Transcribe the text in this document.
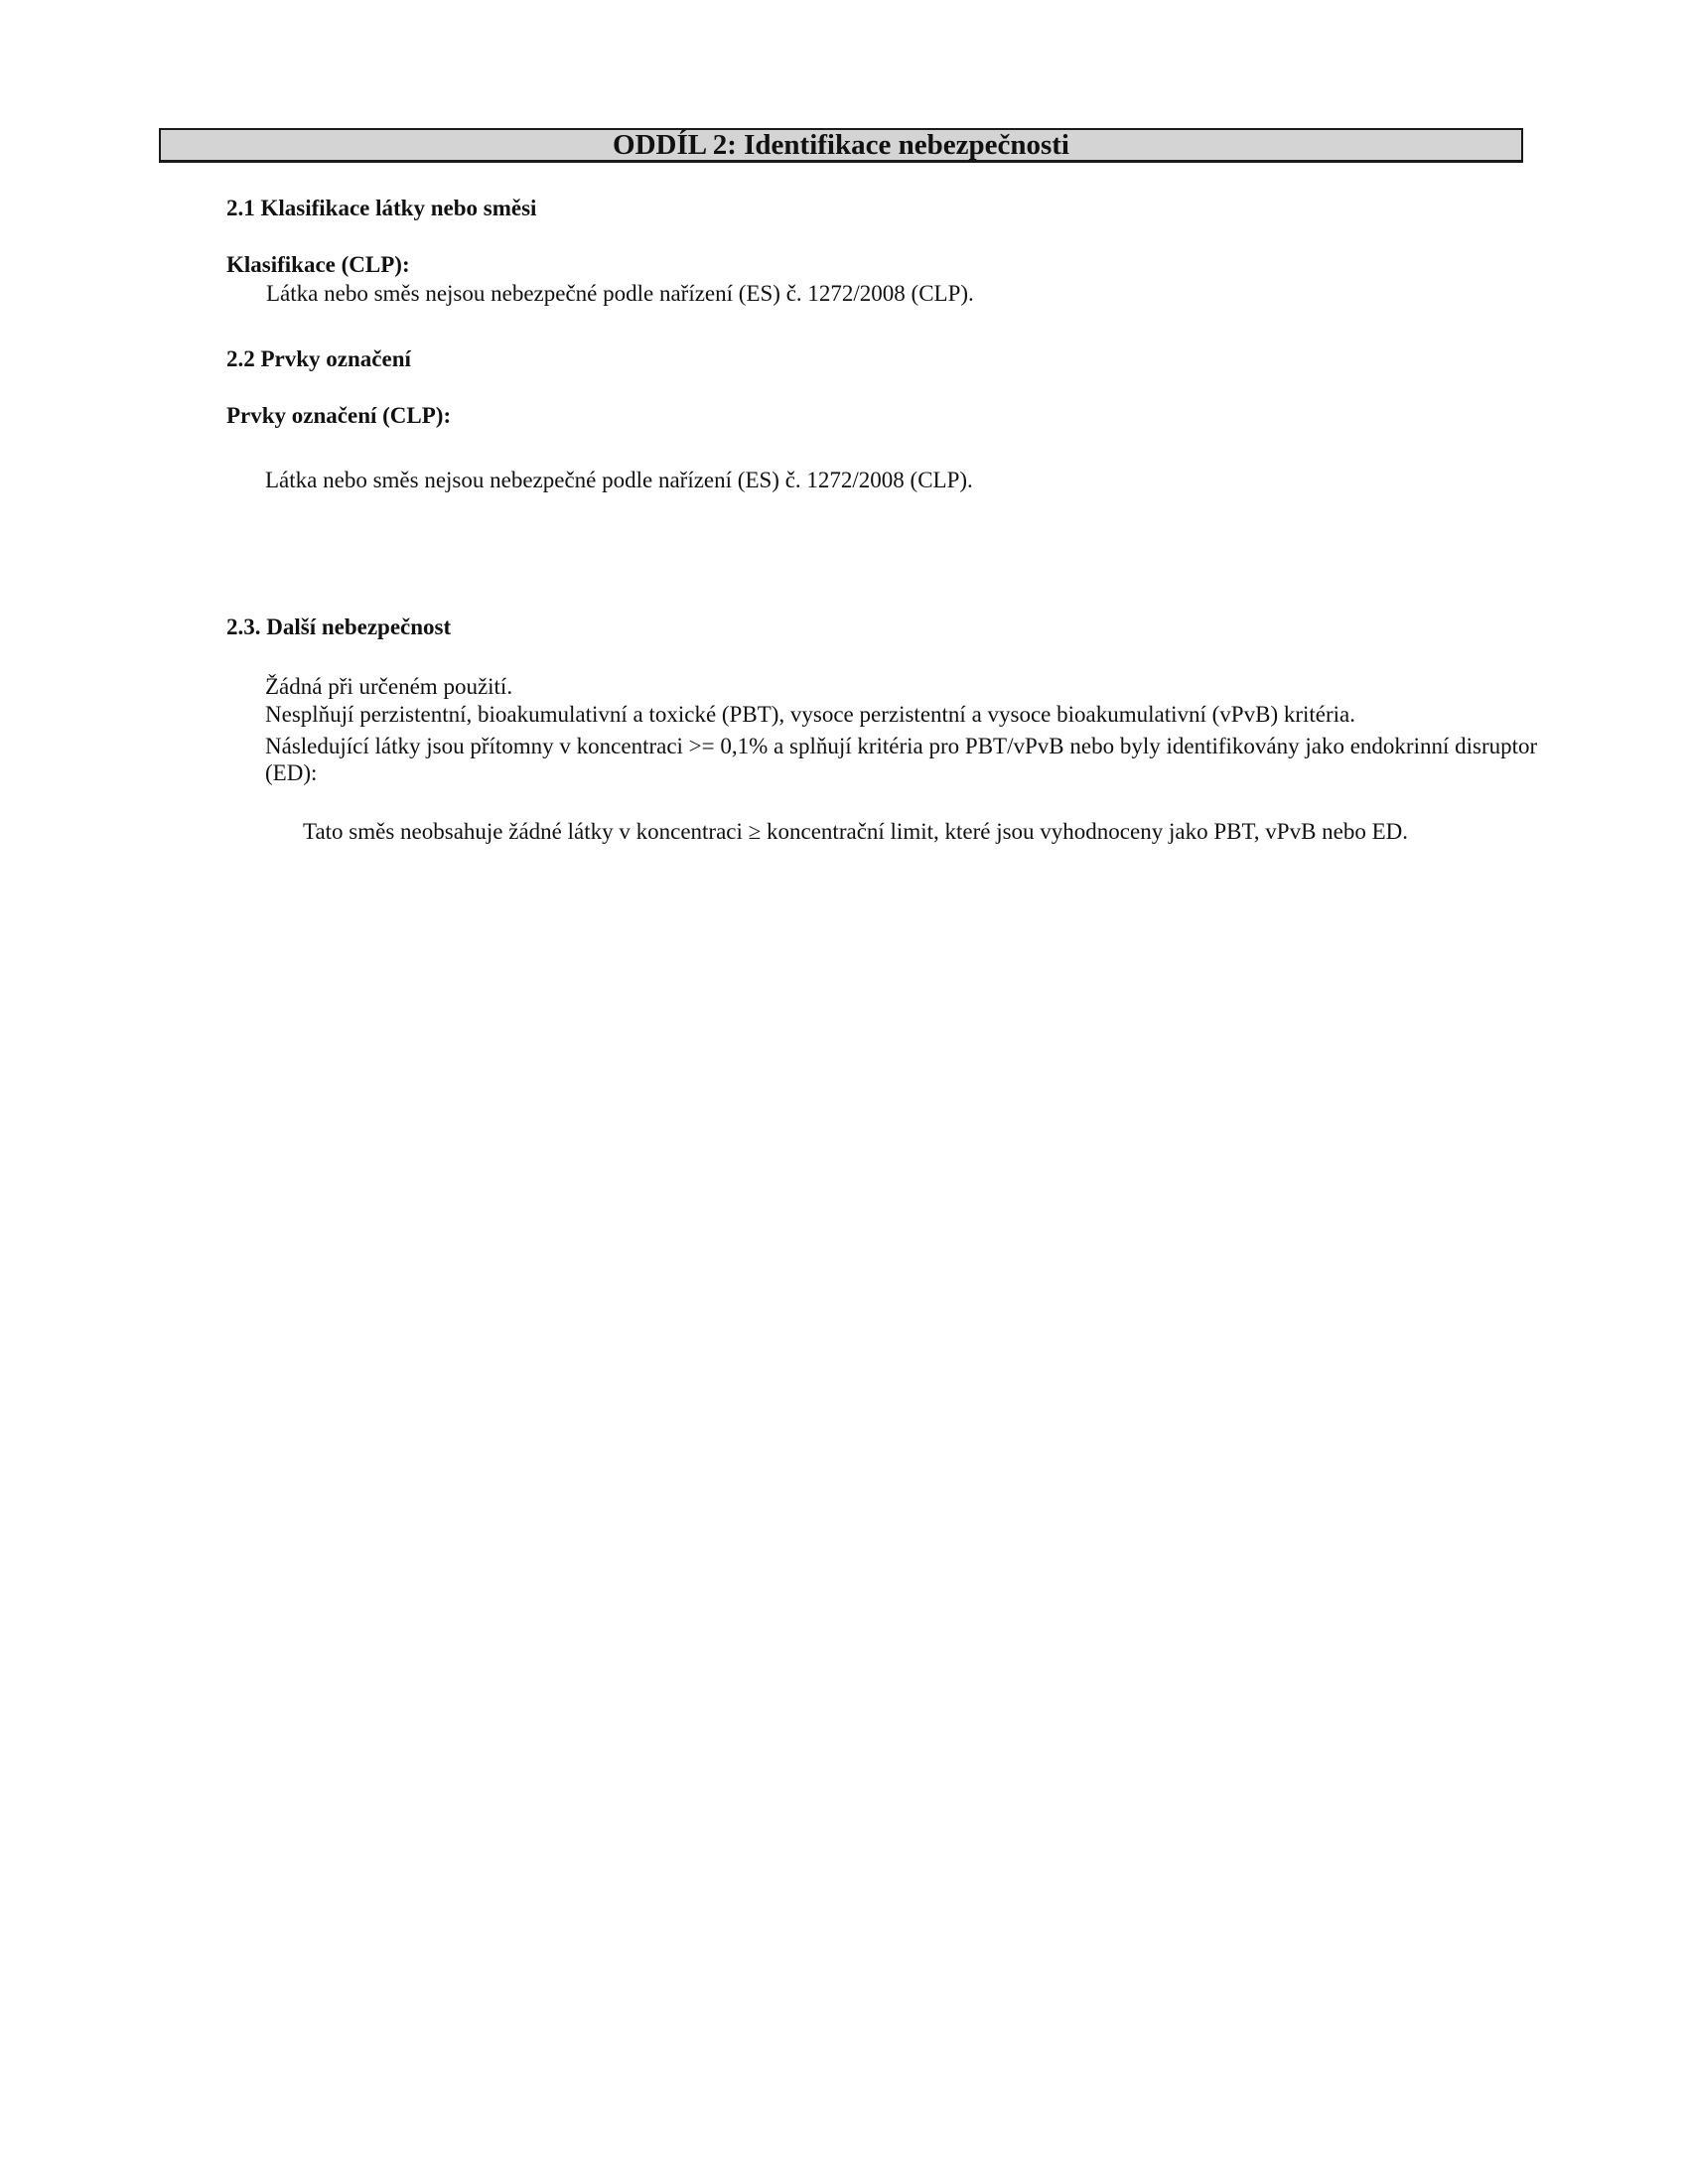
ODDÍL 2: Identifikace nebezpečnosti

2.1 Klasifikace látky nebo směsi

Klasifikace (CLP):

Látka nebo směs nejsou nebezpečné podle nařízení (ES) č. 1272/2008 (CLP).

2.2 Prvky označení

Prvky označení (CLP):

Látka nebo směs nejsou nebezpečné podle nařízení (ES) č. 1272/2008 (CLP).

2.3. Další nebezpečnost

Žádná při určeném použití.

Nesplňují perzistentní, bioakumulativní a toxické (PBT), vysoce perzistentní a vysoce bioakumulativní (vPvB) kritéria.

Následující látky jsou přítomny v koncentraci >= 0,1% a splňují kritéria pro PBT/vPvB nebo byly identifikovány jako endokrinní disruptor (ED):

Tato směs neobsahuje žádné látky v koncentraci ≥ koncentrační limit, které jsou vyhodnoceny jako PBT, vPvB nebo ED.
